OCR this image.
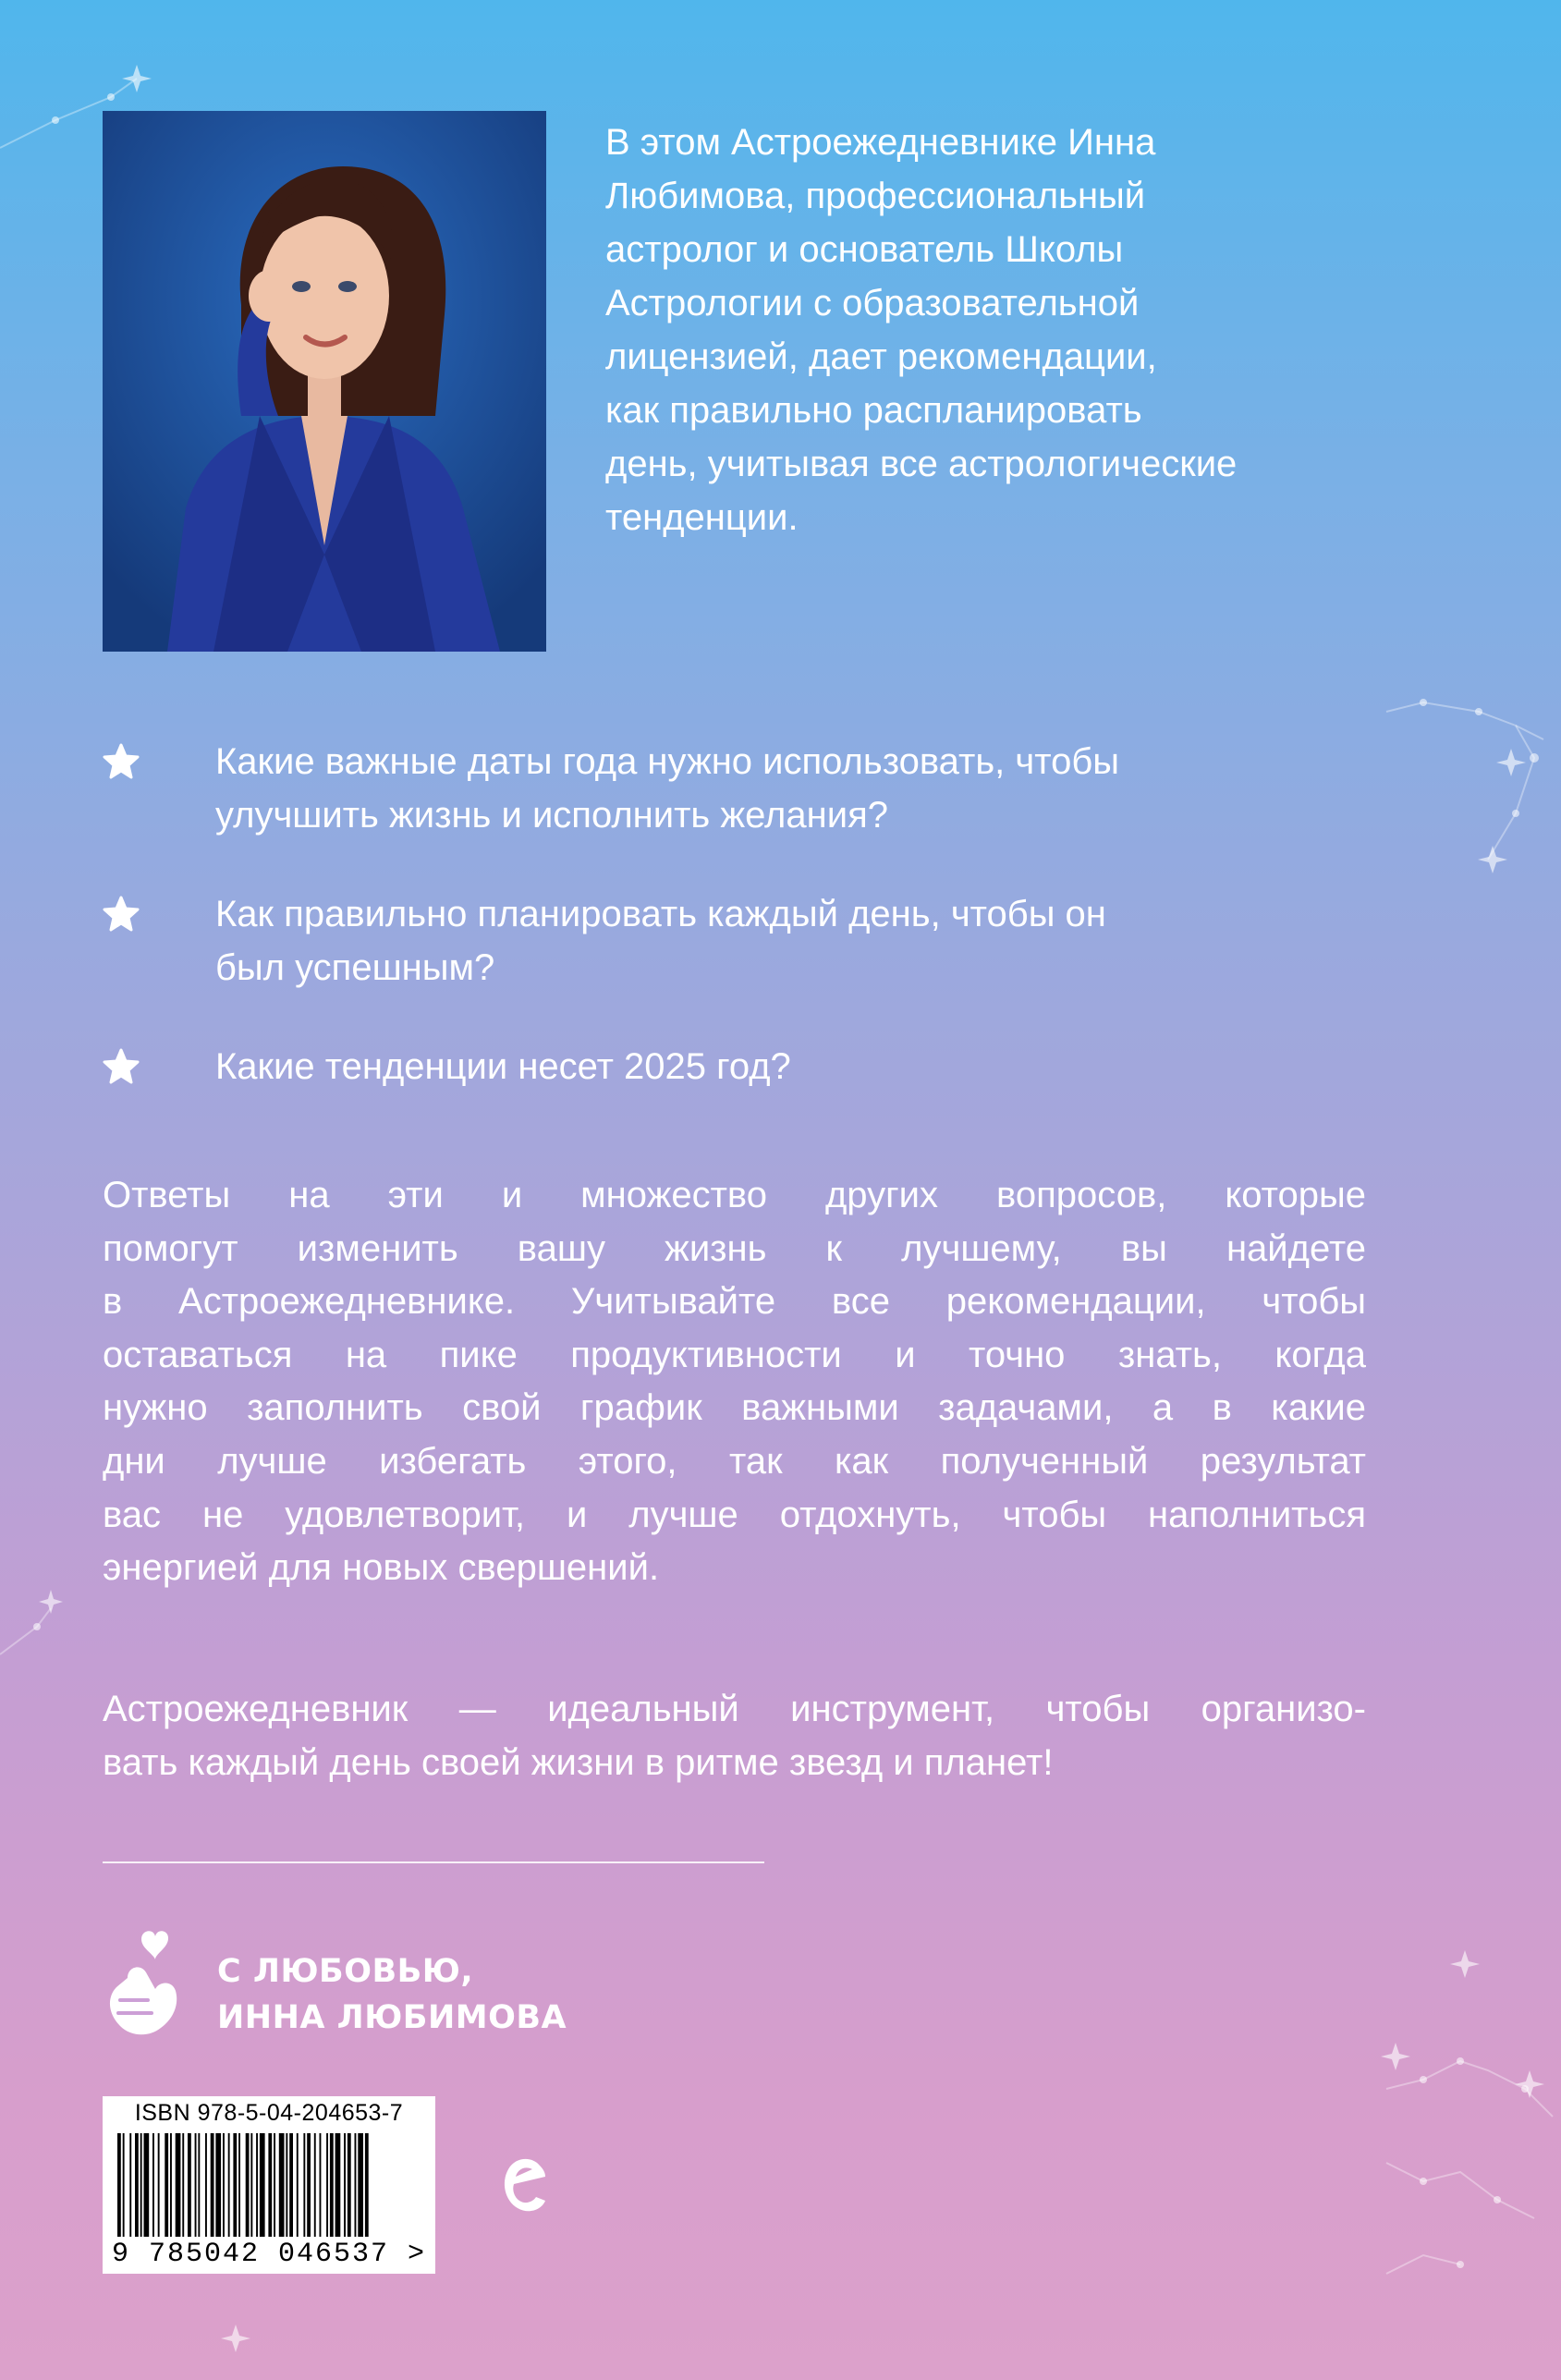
В этом Астроежедневнике Инна
Любимова, профессиональный
астролог и основатель Школы
Астрологии с образовательной
лицензией, дает рекомендации,
как правильно распланировать
день, учитывая все астрологические
тенденции.
Какие важные даты года нужно использовать, чтобы
улучшить жизнь и исполнить желания?
Как правильно планировать каждый день, чтобы он
был успешным?
Какие тенденции несет 2025 год?
Ответы на эти и множество других вопросов, которые
помогут изменить вашу жизнь к лучшему, вы найдете
в Астроежедневнике. Учитывайте все рекомендации, чтобы
оставаться на пике продуктивности и точно знать, когда
нужно заполнить свой график важными задачами, а в какие
дни лучше избегать этого, так как полученный результат
вас не удовлетворит, и лучше отдохнуть, чтобы наполниться
энергией для новых свершений.
Астроежедневник — идеальный инструмент, чтобы организо-
вать каждый день своей жизни в ритме звезд и планет!
С ЛЮБОВЬЮ,
ИННА ЛЮБИМОВА
ISBN 978-5-04-204653-7
9 785042 046537 >
